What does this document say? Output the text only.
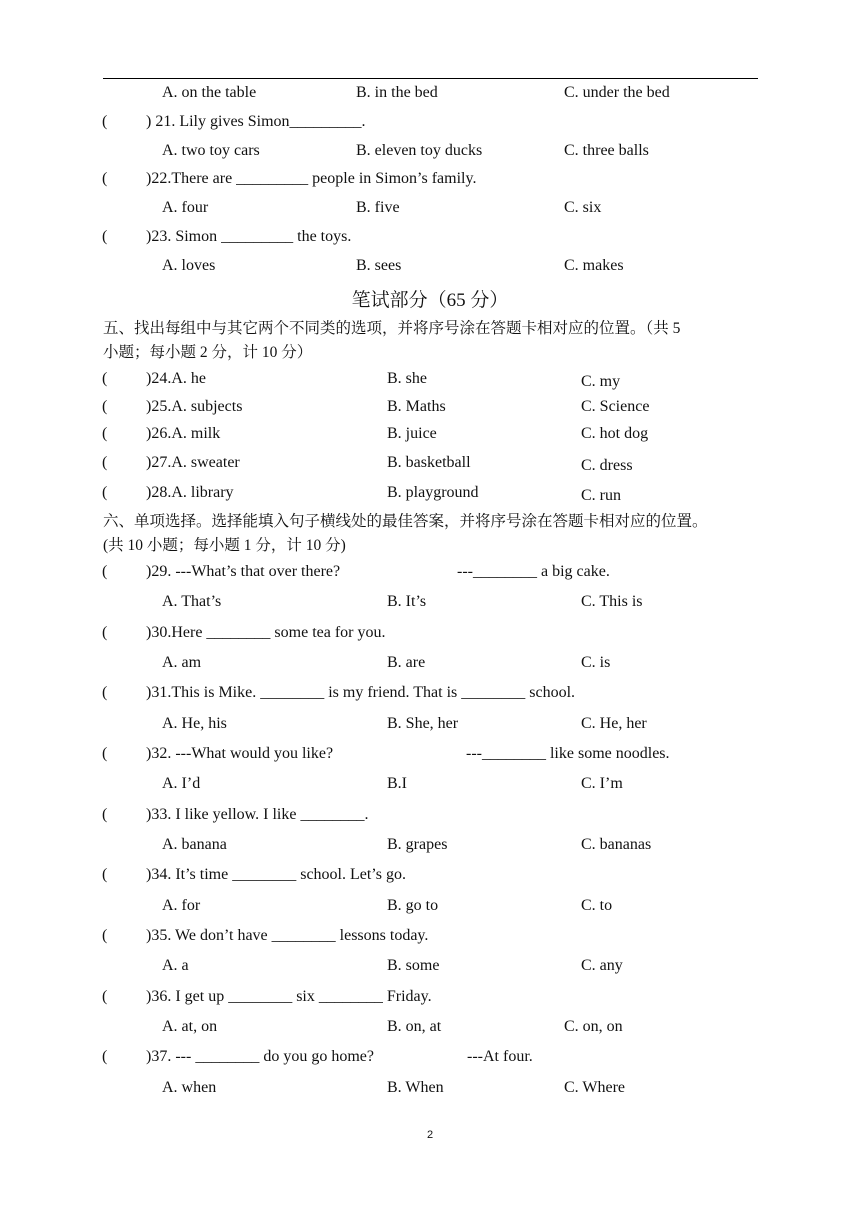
A. on the table	B. in the bed	C. under the bed
( ) 21. Lily gives Simon_________.
A. two toy cars	B. eleven toy ducks	C. three balls
( )22.There are _________ people in Simon’s family.
A. four	B. five	C. six
( )23. Simon _________ the toys.
A. loves	B. sees	C. makes
笔试部分（65 分）
五、找出每组中与其它两个不同类的选项，并将序号涂在答题卡相对应的位置。（共 5
小题；每小题 2 分，计 10 分）
( )24.A. he	B. she	C. my
( )25.A. subjects	B. Maths	C. Science
( )26.A. milk	B. juice	C. hot dog
( )27.A. sweater	B. basketball	C. dress
( )28.A. library	B. playground	C. run
六、单项选择。选择能填入句子横线处的最佳答案，并将序号涂在答题卡相对应的位置。
(共 10 小题；每小题 1 分，计 10 分)
( )29. ---What’s that over there?	---________ a big cake.
A. That’s	B. It’s	C. This is
( )30.Here ________ some tea for you.
A. am	B. are	C. is
( )31.This is Mike. ________ is my friend. That is ________ school.
A. He, his	B. She, her	C. He, her
( )32. ---What would you like?	---________ like some noodles.
A. I’d	B.I	C. I’m
( )33. I like yellow. I like ________.
A. banana	B. grapes	C. bananas
( )34. It’s time ________ school. Let’s go.
A. for	B. go to	C. to
( )35. We don’t have ________ lessons today.
A. a	B. some	C. any
( )36. I get up ________ six ________ Friday.
A. at, on	B. on, at	C. on, on
( )37. --- ________ do you go home?	---At four.
A. when	B. When	C. Where
2
